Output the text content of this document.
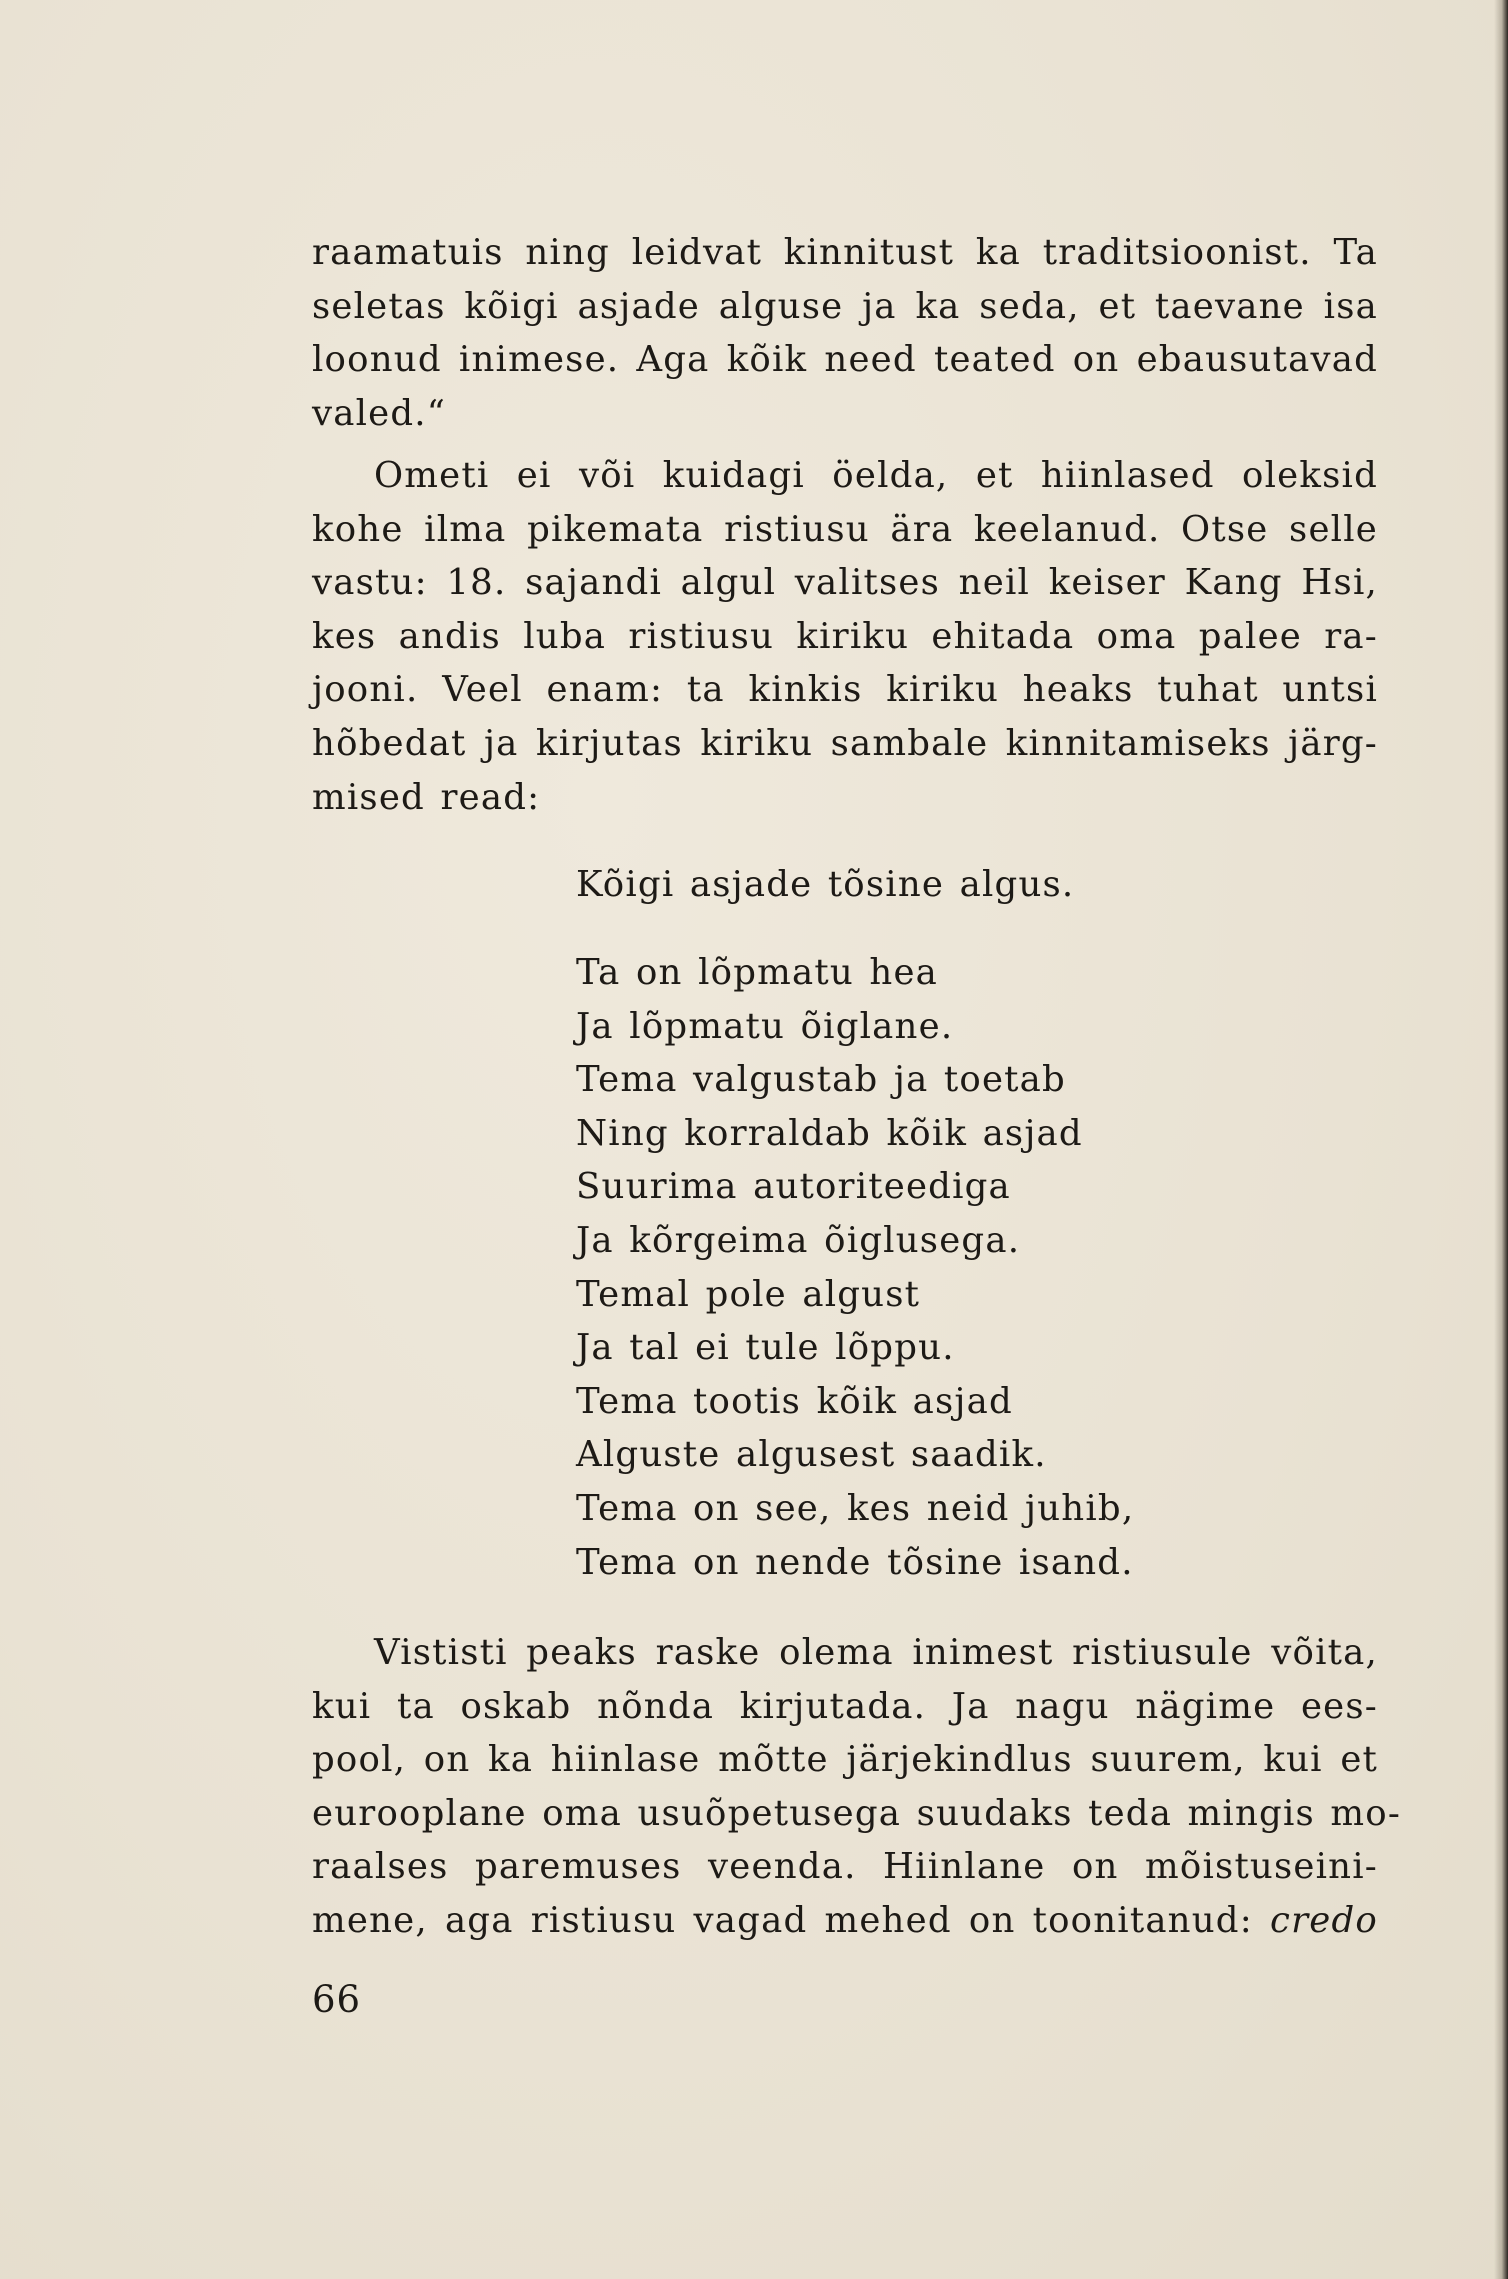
raamatuis ning leidvat kinnitust ka traditsioonist. Ta
seletas kõigi asjade alguse ja ka seda, et taevane isa
loonud inimese. Aga kõik need teated on ebausutavad
valed.“
Ometi ei või kuidagi öelda, et hiinlased oleksid
kohe ilma pikemata ristiusu ära keelanud. Otse selle
vastu: 18. sajandi algul valitses neil keiser Kang Hsi,
kes andis luba ristiusu kiriku ehitada oma palee ra-
jooni. Veel enam: ta kinkis kiriku heaks tuhat untsi
hõbedat ja kirjutas kiriku sambale kinnitamiseks järg-
mised read:
Kõigi asjade tõsine algus.
Ta on lõpmatu hea
Ja lõpmatu õiglane.
Tema valgustab ja toetab
Ning korraldab kõik asjad
Suurima autoriteediga
Ja kõrgeima õiglusega.
Temal pole algust
Ja tal ei tule lõppu.
Tema tootis kõik asjad
Alguste algusest saadik.
Tema on see, kes neid juhib,
Tema on nende tõsine isand.
Vististi peaks raske olema inimest ristiusule võita,
kui ta oskab nõnda kirjutada. Ja nagu nägime ees-
pool, on ka hiinlase mõtte järjekindlus suurem, kui et
eurooplane oma usuõpetusega suudaks teda mingis mo-
raalses paremuses veenda. Hiinlane on mõistuseini-
mene, aga ristiusu vagad mehed on toonitanud: credo
66
